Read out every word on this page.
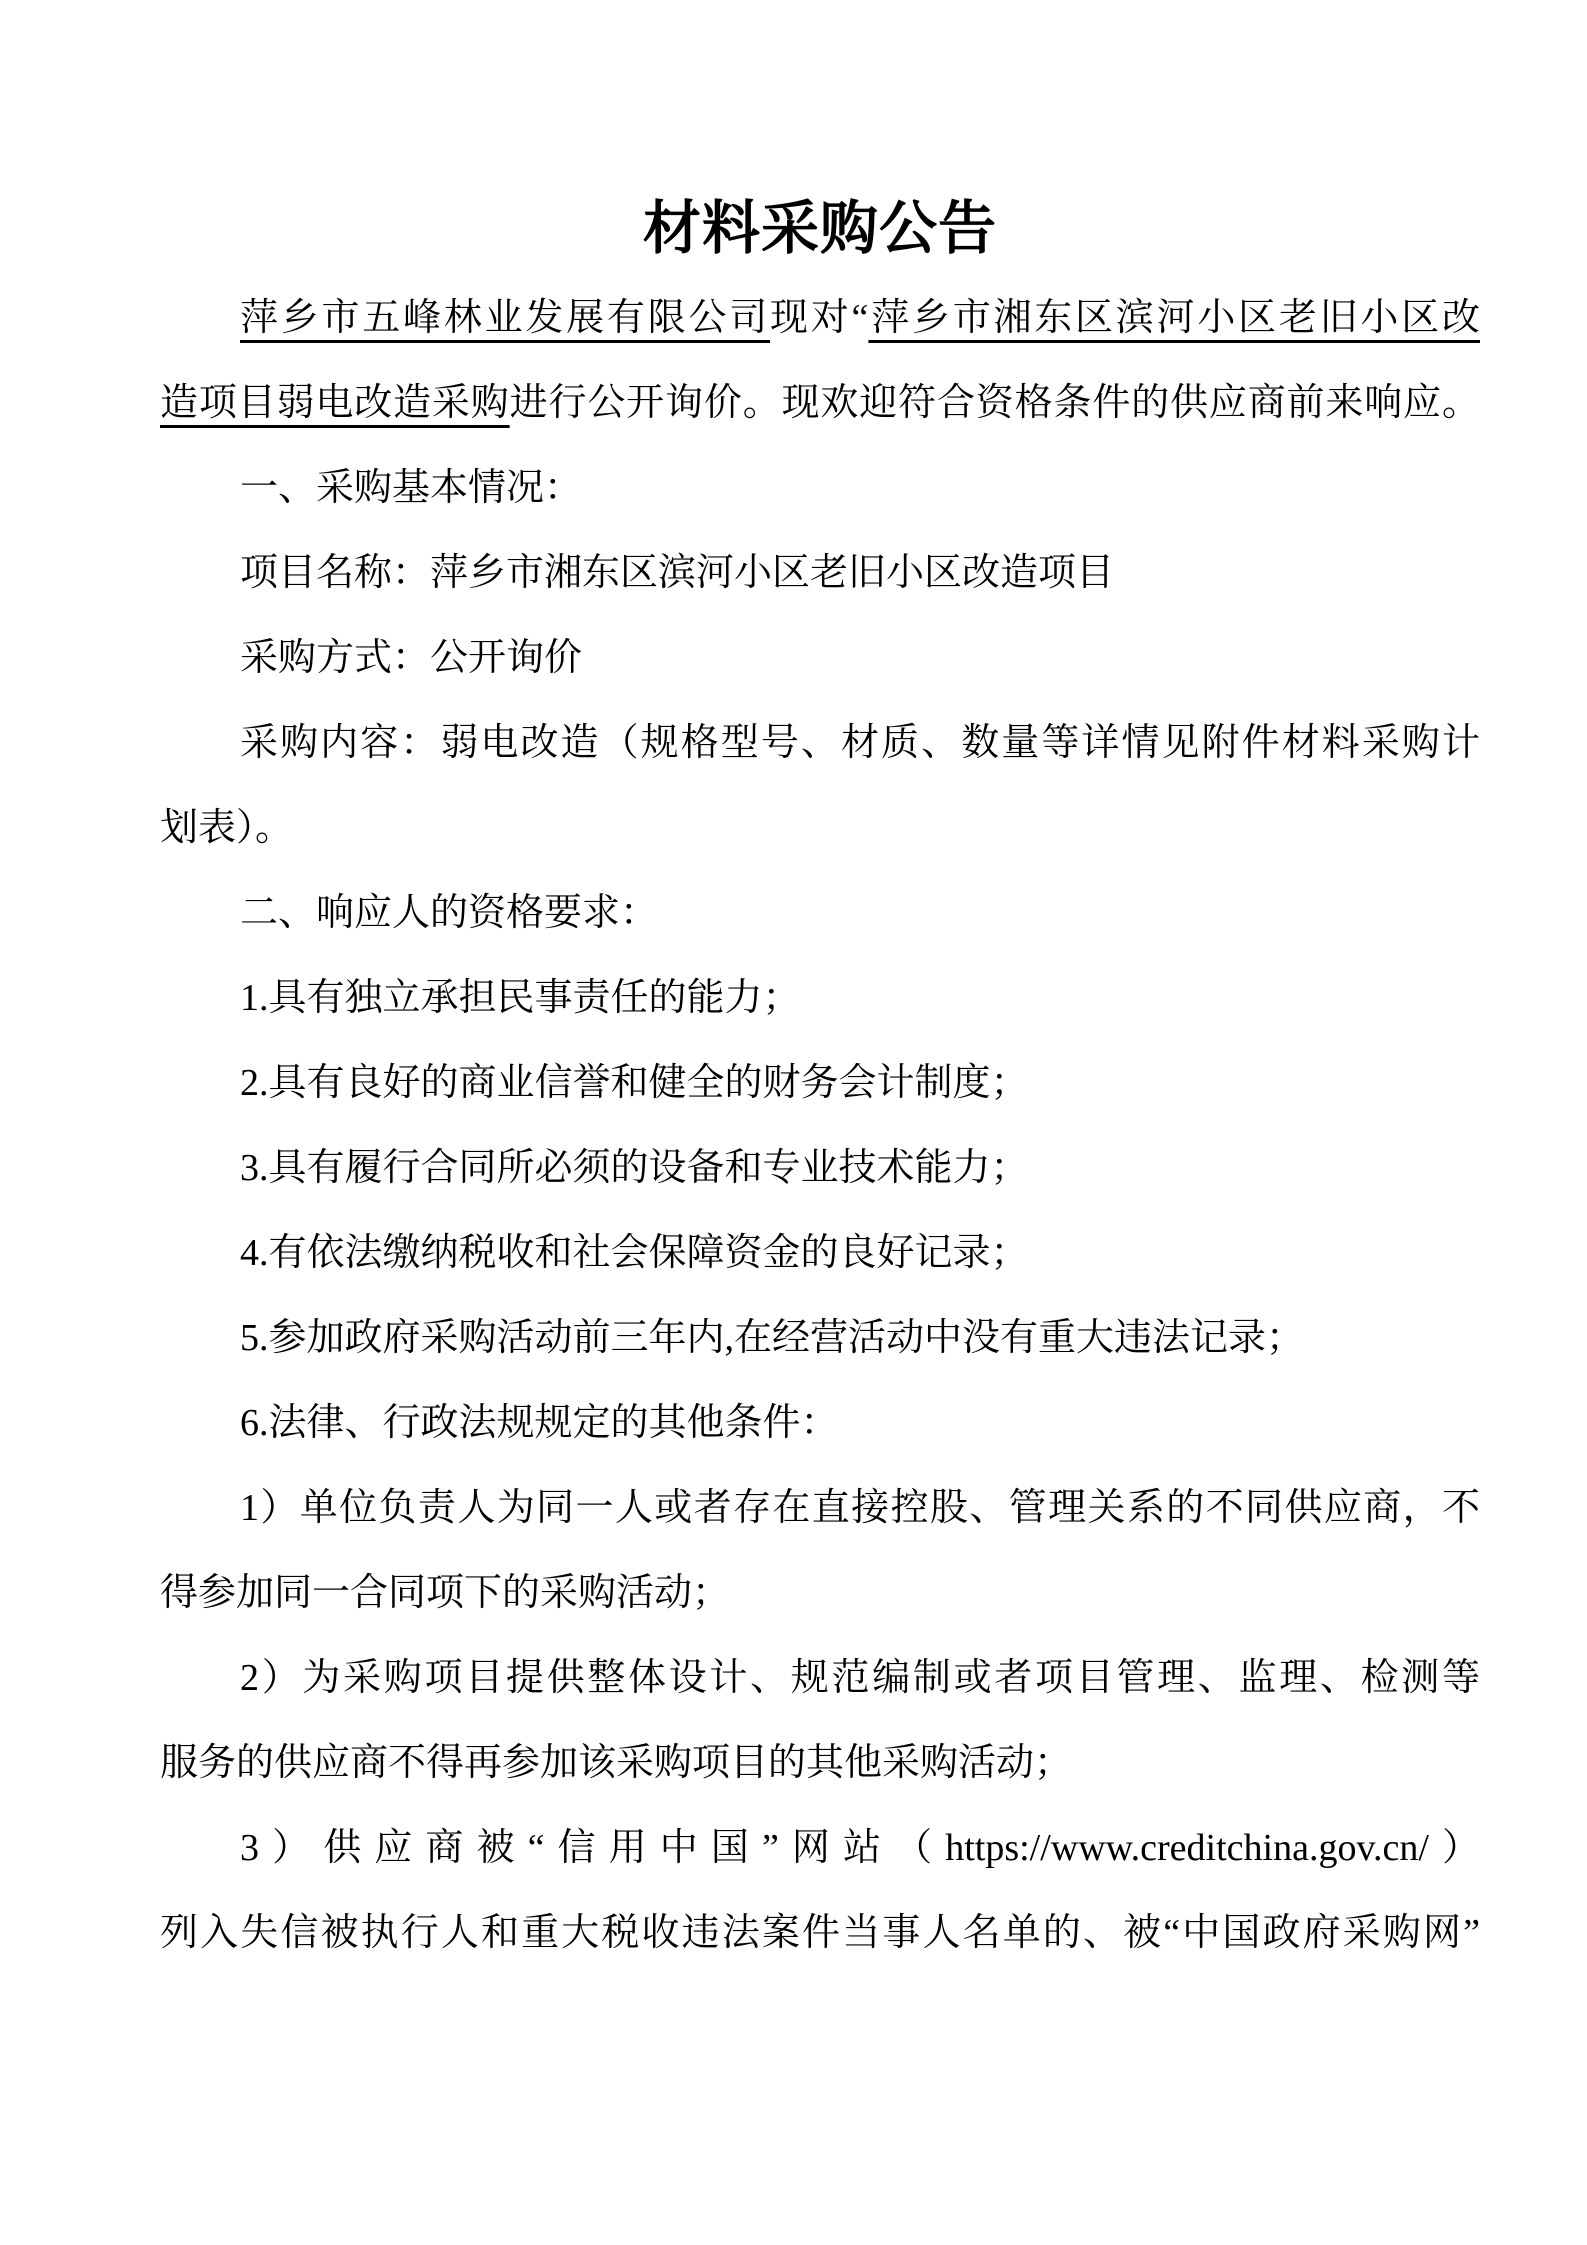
材料采购公告
萍乡市五峰林业发展有限公司现对“萍乡市湘东区滨河小区老旧小区改
造项目弱电改造采购进行公开询价。现欢迎符合资格条件的供应商前来响应。
一、采购基本情况：
项目名称：萍乡市湘东区滨河小区老旧小区改造项目
采购方式：公开询价
采购内容：弱电改造（规格型号、材质、数量等详情见附件材料采购计
划表）。
二、响应人的资格要求：
1.具有独立承担民事责任的能力；
2.具有良好的商业信誉和健全的财务会计制度；
3.具有履行合同所必须的设备和专业技术能力；
4.有依法缴纳税收和社会保障资金的良好记录；
5.参加政府采购活动前三年内,在经营活动中没有重大违法记录；
6.法律、行政法规规定的其他条件：
1）单位负责人为同一人或者存在直接控股、管理关系的不同供应商，不
得参加同一合同项下的采购活动；
2）为采购项目提供整体设计、规范编制或者项目管理、监理、检测等
服务的供应商不得再参加该采购项目的其他采购活动；
3）供应商被“信用中国”网站（https://www.creditchina.gov.cn/）
列入失信被执行人和重大税收违法案件当事人名单的、被“中国政府采购网”
